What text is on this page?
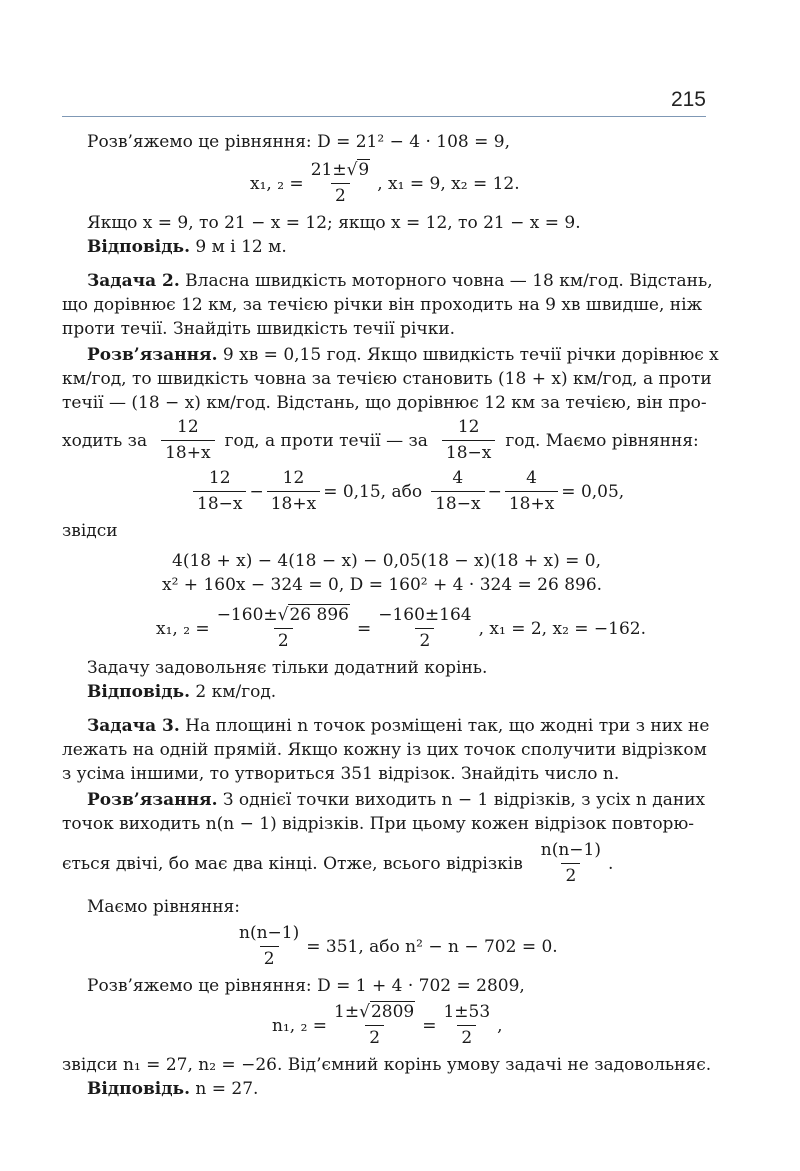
215

Розв’яжемо це рівняння: D = 21² − 4 · 108 = 9,

x₁, $_2 = \frac{21\pm√9}{2}$ , x₁ = 9, x₂ = 12.

Якщо x = 9, то 21 − x = 12; якщо x = 12, то 21 − x = 9.

Відповідь. 9 м і 12 м.

Задача 2. Власна швидкість моторного човна — 18 км/год. Відстань,

що дорівнює 12 км, за течією річки він проходить на 9 хв швидше, ніж

проти течії. Знайдіть швидкість течії річки.

Розв’язання. 9 хв = 0,15 год. Якщо швидкість течії річки дорівнює x

км/год, то швидкість човна за течією становить (18 + x) км/год, а проти

течії — (18 − x) км/год. Відстань, що дорівнює 12 км за течією, він про-

ходить за $\frac{12}{18+x}$ год, а проти течії — за $\frac{12}{18-x}$ год. Маємо рівняння:
$\frac{12}{18-x} - \frac{12}{18+x} = 0,15$, або $\frac{4}{18-x} - \frac{4}{18+x} = 0,05$,

звідси

4(18 + x) − 4(18 − x) − 0,05(18 − x)(18 + x) = 0,

x² + 160x − 324 = 0, D = 160² + 4 · 324 = 26 896.

x₁, $_2 = \frac{-160\pm√26 896}{2} = \frac{-160\pm 164}{2}$ , x₁ = 2, x₂ = −162.

Задачу задовольняє тільки додатний корінь.

Відповідь. 2 км/год.

Задача 3. На площині n точок розміщені так, що жодні три з них не

лежать на одній прямій. Якщо кожну із цих точок сполучити відрізком

з усіма іншими, то утвориться 351 відрізок. Знайдіть число n.

Розв’язання. З однієї точки виходить n − 1 відрізків, з усіх n даних

точок виходить n(n − 1) відрізків. При цьому кожен відрізок повторю-

ється двічі, бо має два кінці. Отже, всього відрізків $\frac{n(n-1)}{2}$ .

Маємо рівняння:

$\frac{n(n-1)}{2} = 351$, або n² − n − 702 = 0.

Розв’яжемо це рівняння: D = 1 + 4 · 702 = 2809,

n₁, $_2 = \frac{1\pm√2809}{2} = \frac{1\pm 53}{2}$ ,

звідси n₁ = 27, n₂ = −26. Від’ємний корінь умову задачі не задовольняє.

Відповідь. n = 27.
